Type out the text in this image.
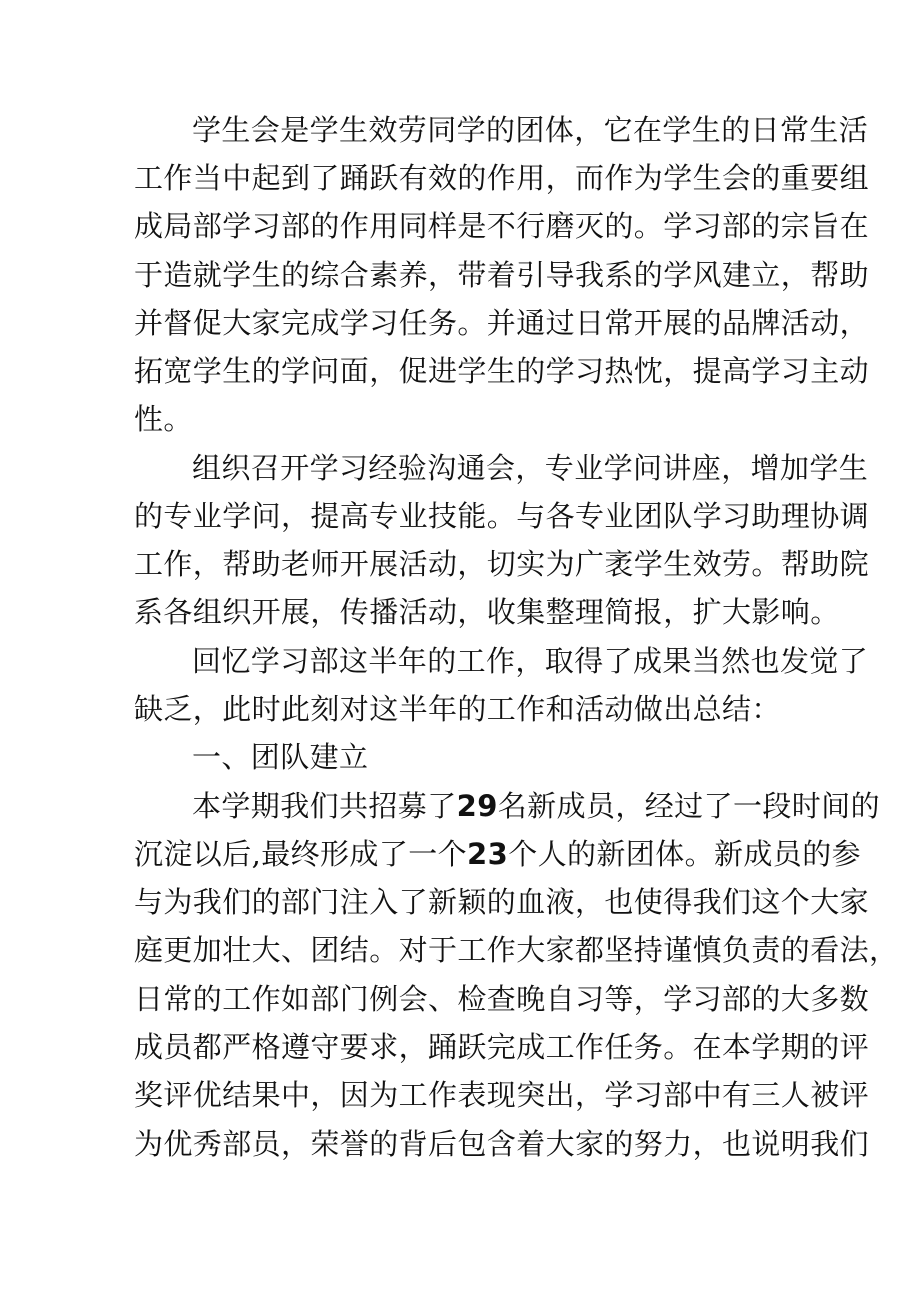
学生会是学生效劳同学的团体，它在学生的日常生活
工作当中起到了踊跃有效的作用，而作为学生会的重要组
成局部学习部的作用同样是不行磨灭的。学习部的宗旨在
于造就学生的综合素养，带着引导我系的学风建立，帮助
并督促大家完成学习任务。并通过日常开展的品牌活动，
拓宽学生的学问面，促进学生的学习热忱，提高学习主动
性。
组织召开学习经验沟通会，专业学问讲座，增加学生
的专业学问，提高专业技能。与各专业团队学习助理协调
工作，帮助老师开展活动，切实为广袤学生效劳。帮助院
系各组织开展，传播活动，收集整理简报，扩大影响。
回忆学习部这半年的工作，取得了成果当然也发觉了
缺乏，此时此刻对这半年的工作和活动做出总结：
一、团队建立
本学期我们共招募了29名新成员，经过了一段时间的
沉淀以后,最终形成了一个23个人的新团体。新成员的参
与为我们的部门注入了新颖的血液，也使得我们这个大家
庭更加壮大、团结。对于工作大家都坚持谨慎负责的看法，
日常的工作如部门例会、检查晚自习等，学习部的大多数
成员都严格遵守要求，踊跃完成工作任务。在本学期的评
奖评优结果中，因为工作表现突出，学习部中有三人被评
为优秀部员，荣誉的背后包含着大家的努力，也说明我们
